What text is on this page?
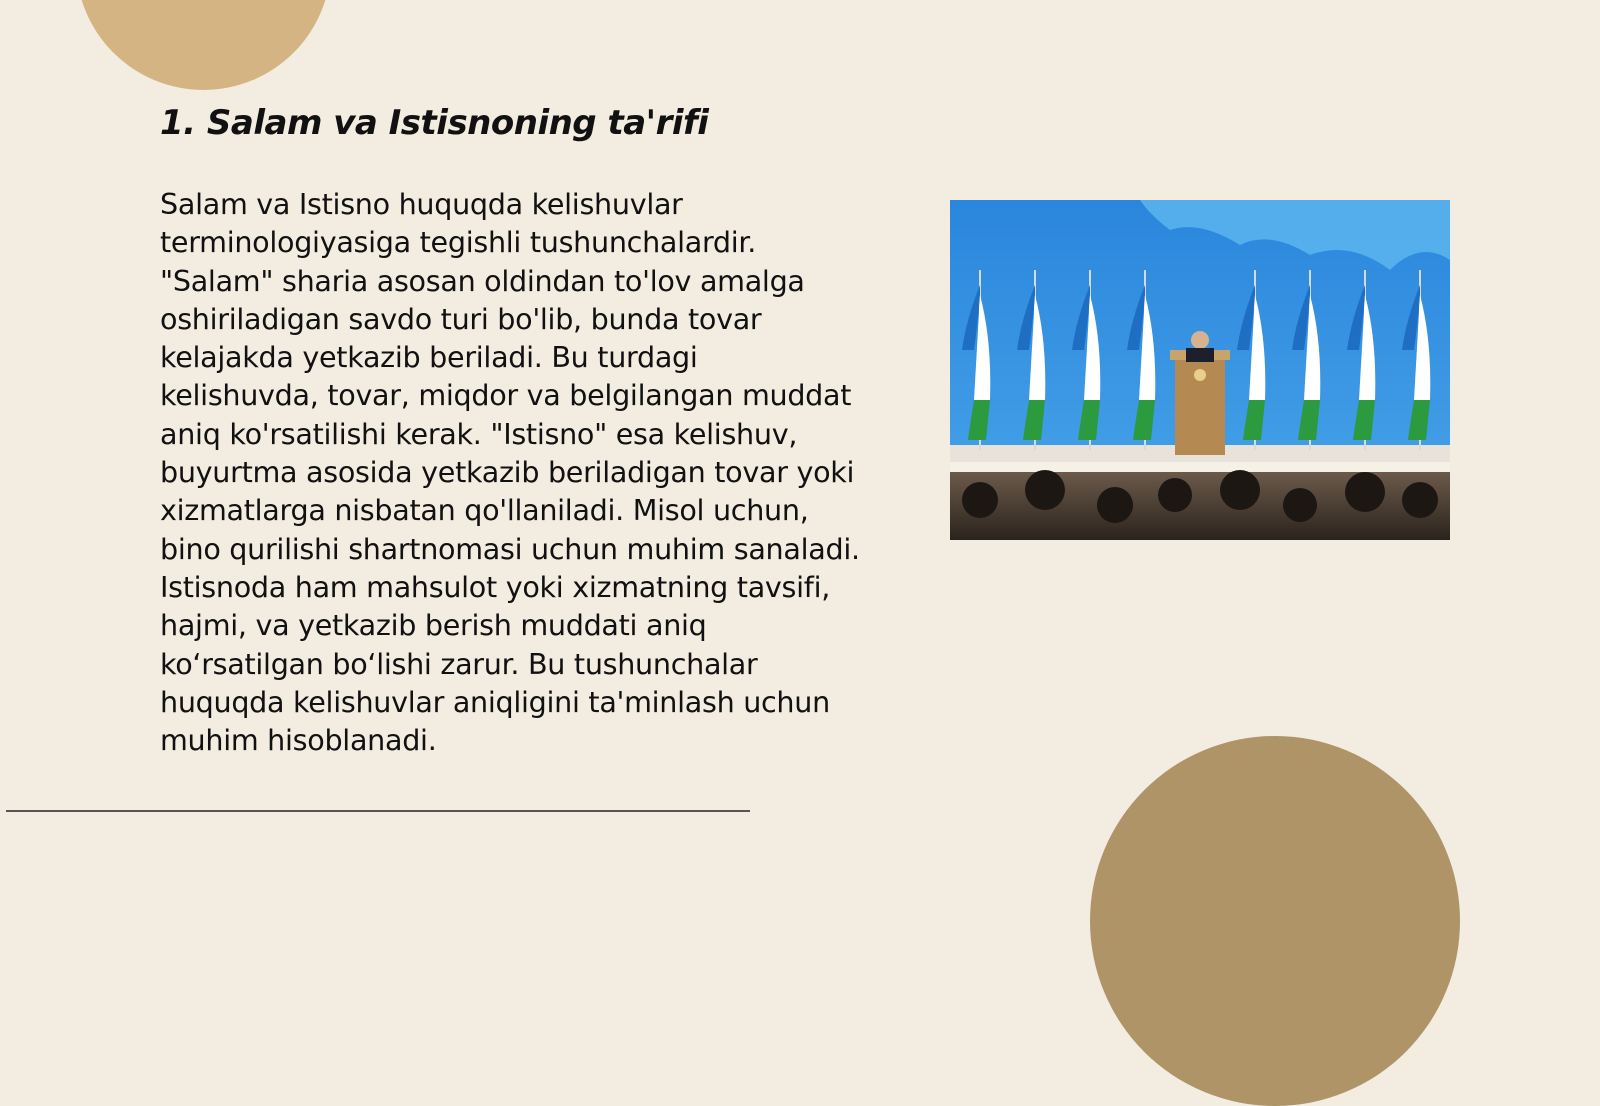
1. Salam va Istisnoning ta'rifi

Salam va Istisno huquqda kelishuvlar terminologiyasiga tegishli tushunchalardir. "Salam" sharia asosan oldindan to'lov amalga oshiriladigan savdo turi bo'lib, bunda tovar kelajakda yetkazib beriladi. Bu turdagi kelishuvda, tovar, miqdor va belgilangan muddat aniq ko'rsatilishi kerak. "Istisno" esa kelishuv, buyurtma asosida yetkazib beriladigan tovar yoki xizmatlarga nisbatan qo'llaniladi. Misol uchun, bino qurilishi shartnomasi uchun muhim sanaladi. Istisnoda ham mahsulot yoki xizmatning tavsifi, hajmi, va yetkazib berish muddati aniq ko‘rsatilgan bo‘lishi zarur. Bu tushunchalar huquqda kelishuvlar aniqligini ta'minlash uchun muhim hisoblanadi.
